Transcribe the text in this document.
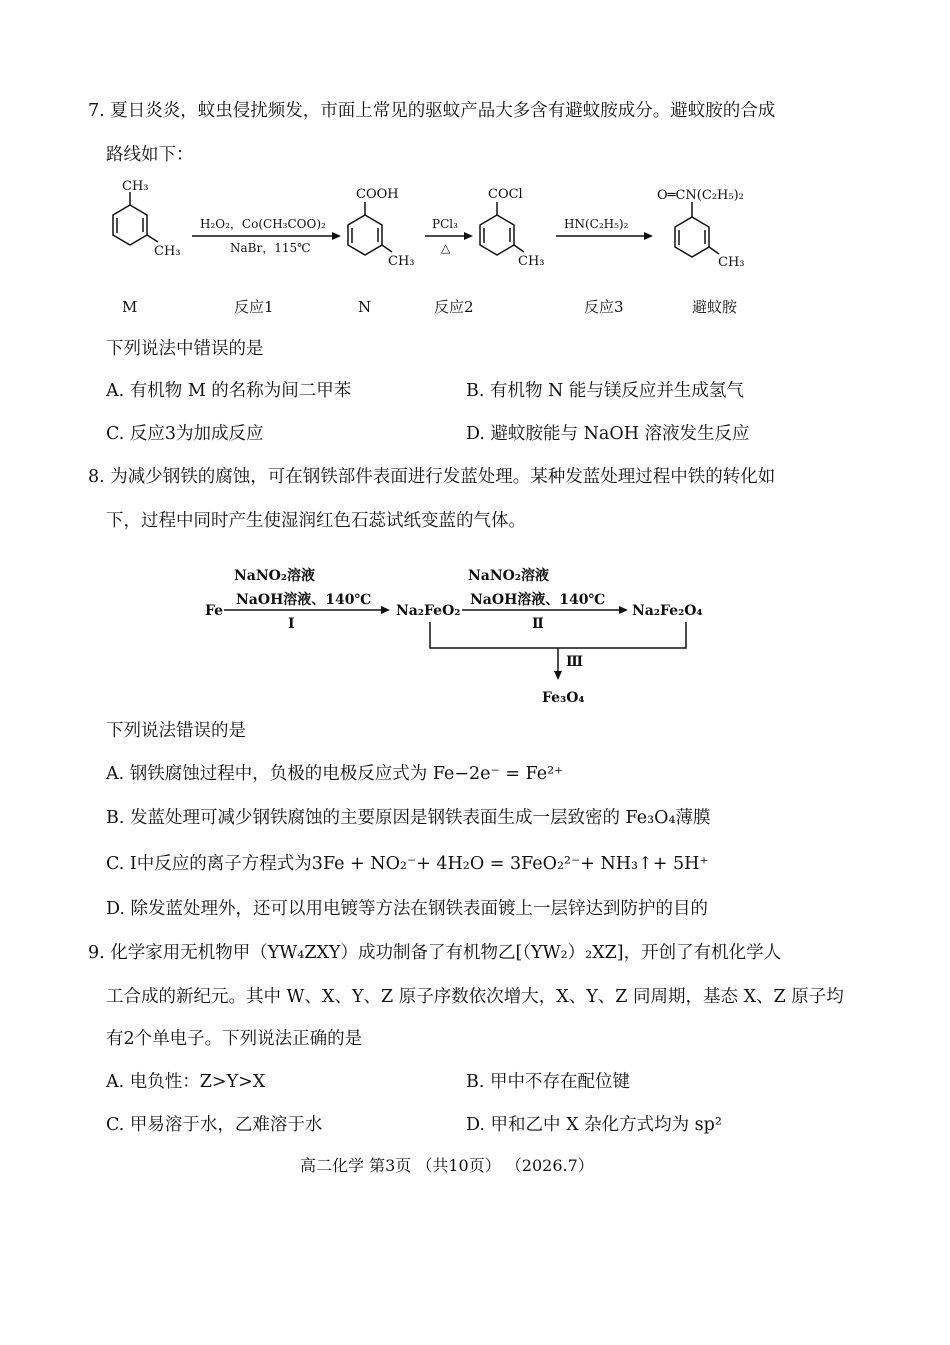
7. 夏日炎炎，蚊虫侵扰频发，市面上常见的驱蚊产品大多含有避蚊胺成分。避蚊胺的合成
路线如下：
CH₃
CH₃
COOH
CH₃
COCl
CH₃
O═CN(C₂H₅)₂
CH₃
H₂O₂，Co(CH₃COO)₂
NaBr，115℃
PCl₃
△
HN(C₂H₅)₂
M	反应1	N	反应2	反应3	避蚊胺
下列说法中错误的是
A. 有机物 M 的名称为间二甲苯	B. 有机物 N 能与镁反应并生成氢气
C. 反应3为加成反应	D. 避蚊胺能与 NaOH 溶液发生反应
8. 为减少钢铁的腐蚀，可在钢铁部件表面进行发蓝处理。某种发蓝处理过程中铁的转化如
下，过程中同时产生使湿润红色石蕊试纸变蓝的气体。
Fe	Na₂FeO₂	Na₂Fe₂O₄
Fe₃O₄
NaNO₂溶液
NaOH溶液、140℃
Ⅰ
NaNO₂溶液
NaOH溶液、140℃
Ⅱ
Ⅲ
下列说法错误的是
A. 钢铁腐蚀过程中，负极的电极反应式为 Fe−2e⁻ = Fe²⁺
B. 发蓝处理可减少钢铁腐蚀的主要原因是钢铁表面生成一层致密的 Fe₃O₄薄膜
C. Ⅰ中反应的离子方程式为3Fe + NO₂⁻+ 4H₂O = 3FeO₂²⁻+ NH₃↑+ 5H⁺
D. 除发蓝处理外，还可以用电镀等方法在钢铁表面镀上一层锌达到防护的目的
9. 化学家用无机物甲（YW₄ZXY）成功制备了有机物乙[（YW₂）₂XZ]，开创了有机化学人
工合成的新纪元。其中 W、X、Y、Z 原子序数依次增大，X、Y、Z 同周期，基态 X、Z 原子均
有2个单电子。下列说法正确的是
A. 电负性：Z>Y>X	B. 甲中不存在配位键
C. 甲易溶于水，乙难溶于水	D. 甲和乙中 X 杂化方式均为 sp²
高二化学 第3页 （共10页） （2026.7）
